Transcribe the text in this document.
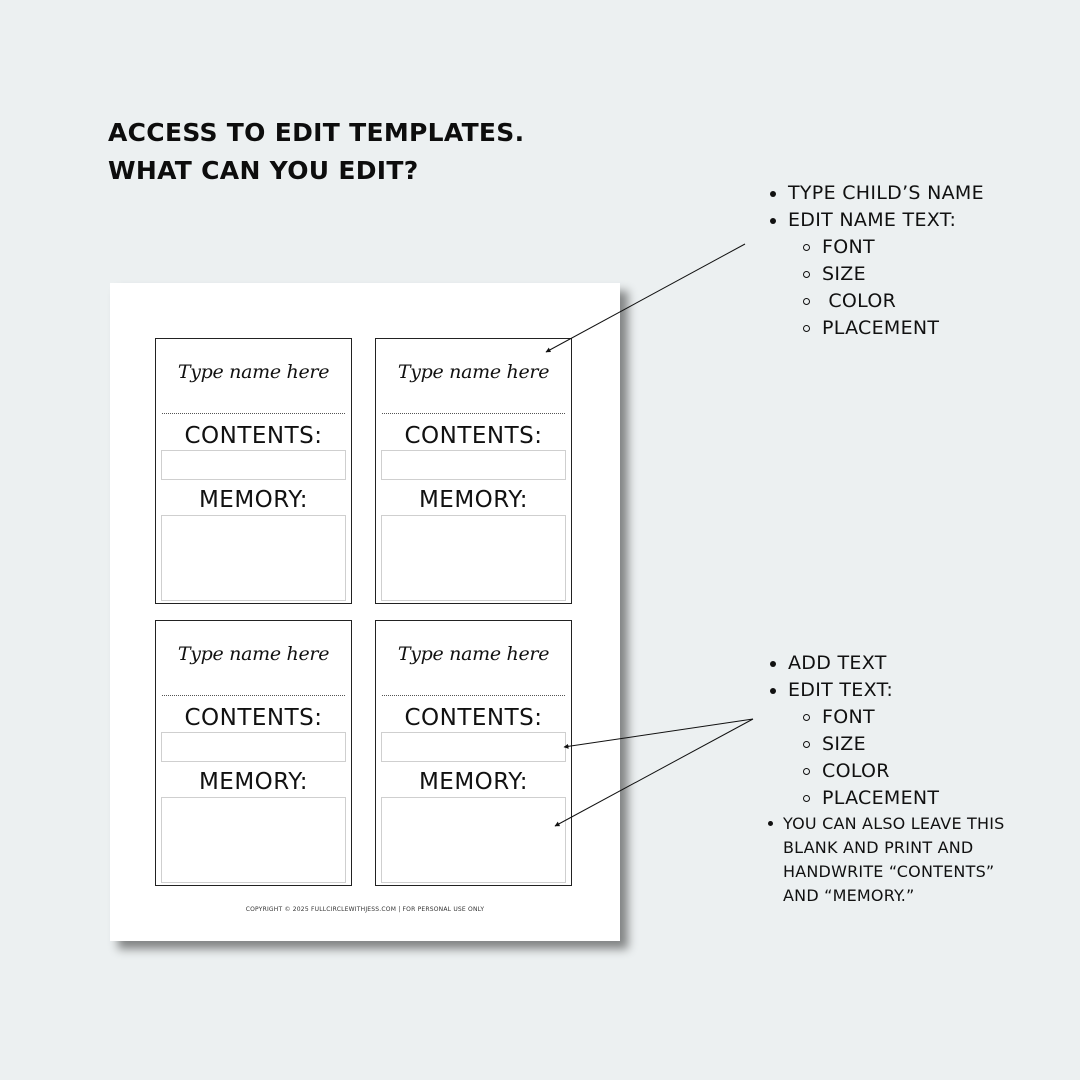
ACCESS TO EDIT TEMPLATES.
WHAT CAN YOU EDIT?
TYPE CHILD’S NAME
EDIT NAME TEXT:
FONT
SIZE
COLOR
PLACEMENT
ADD TEXT
EDIT TEXT:
FONT
SIZE
COLOR
PLACEMENT
YOU CAN ALSO LEAVE THIS BLANK AND PRINT AND HANDWRITE “CONTENTS” AND “MEMORY.”
Type name here
CONTENTS:
MEMORY:
Type name here
CONTENTS:
MEMORY:
Type name here
CONTENTS:
MEMORY:
Type name here
CONTENTS:
MEMORY:
COPYRIGHT © 2025 FULLCIRCLEWITHJESS.COM | FOR PERSONAL USE ONLY
